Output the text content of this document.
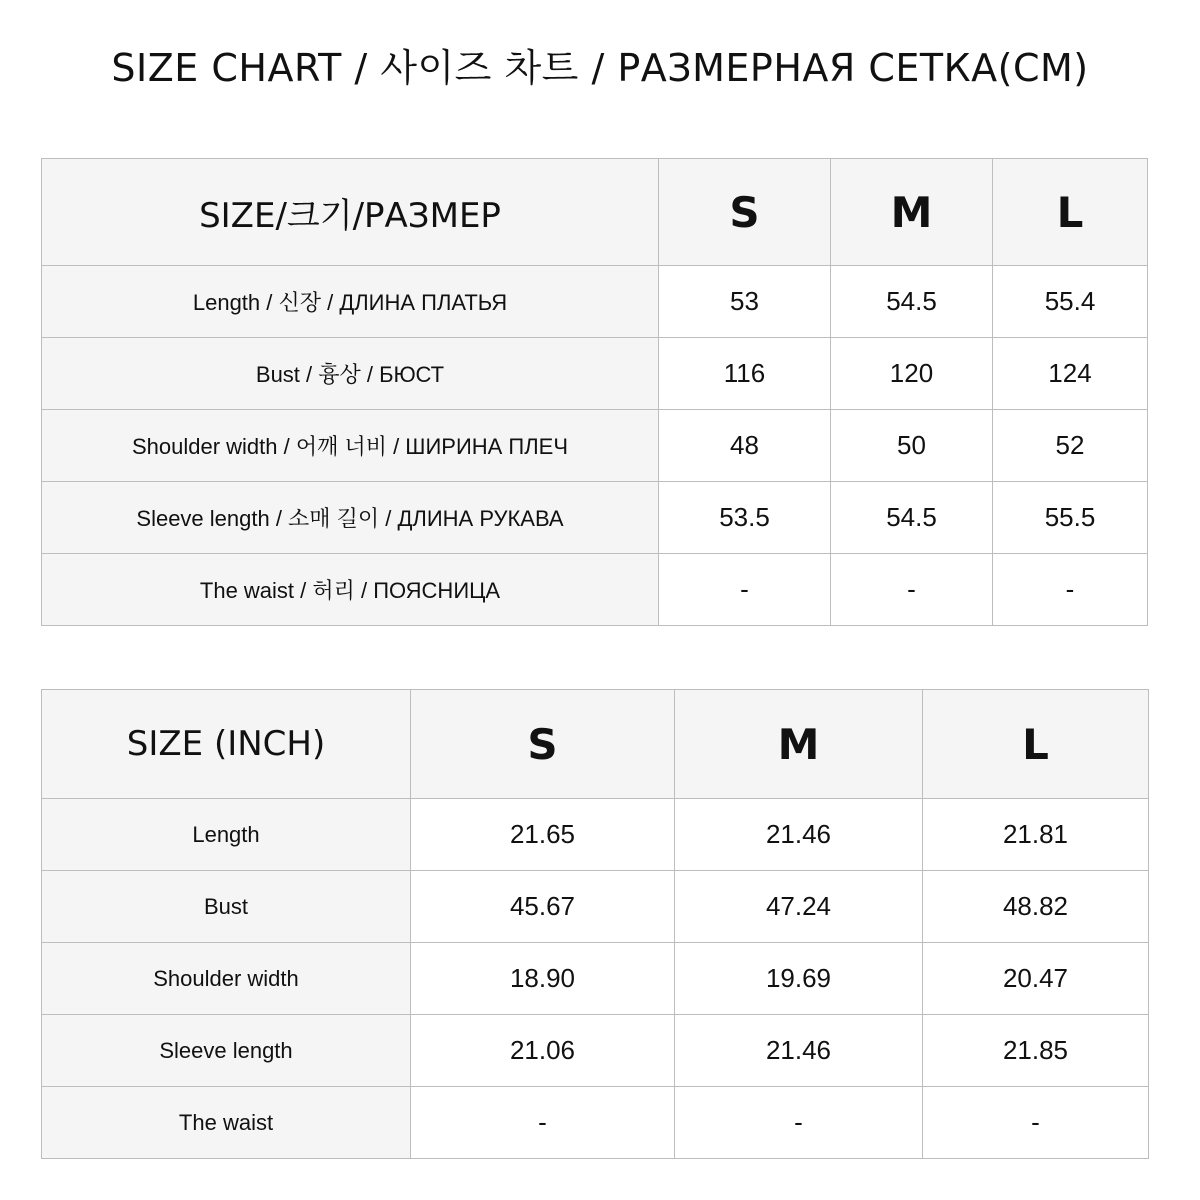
SIZE CHART / 사이즈 차트 / РАЗМЕРНАЯ СЕТКА(CM)
SIZE/크기/РАЗМЕР	S	M	L
Length / 신장 / ДЛИНА ПЛАТЬЯ	53	54.5	55.4
Bust / 흉상 / БЮСТ	116	120	124
Shoulder width / 어깨 너비 / ШИРИНА ПЛЕЧ	48	50	52
Sleeve length / 소매 길이 / ДЛИНА РУКАВА	53.5	54.5	55.5
The waist / 허리 / ПОЯСНИЦА	-	-	-
SIZE (INCH)	S	M	L
Length	21.65	21.46	21.81
Bust	45.67	47.24	48.82
Shoulder width	18.90	19.69	20.47
Sleeve length	21.06	21.46	21.85
The waist	-	-	-
